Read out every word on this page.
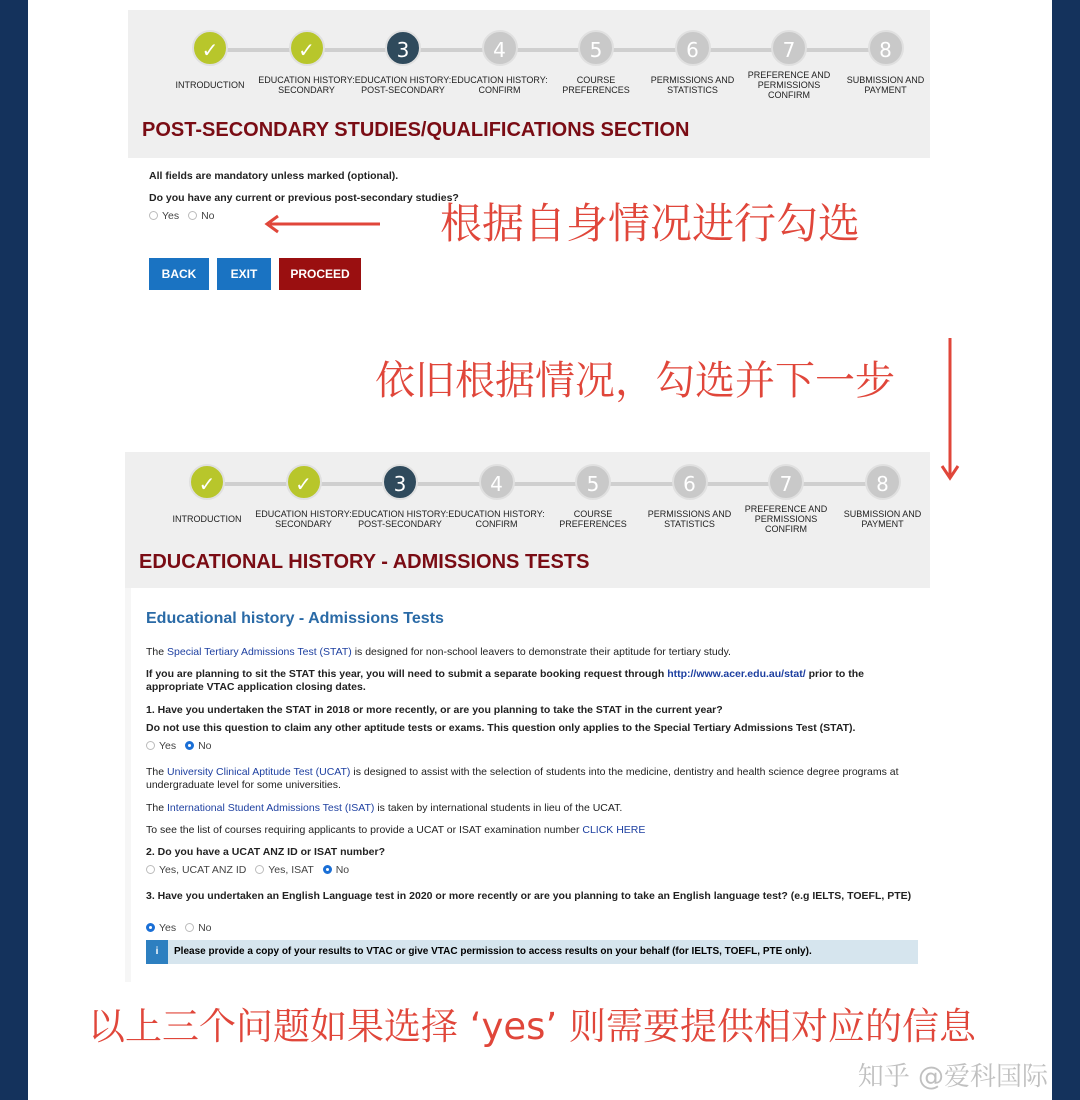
✓
INTRODUCTION
✓
EDUCATION HISTORY: SECONDARY
3
EDUCATION HISTORY: POST-SECONDARY
4
EDUCATION HISTORY: CONFIRM
5
COURSE PREFERENCES
6
PERMISSIONS AND STATISTICS
7
PREFERENCE AND PERMISSIONS CONFIRM
8
SUBMISSION AND PAYMENT
POST-SECONDARY STUDIES/QUALIFICATIONS SECTION
All fields are mandatory unless marked (optional).
Do you have any current or previous post-secondary studies?
Yes No
BACK	EXIT	PROCEED
✓
INTRODUCTION
✓
EDUCATION HISTORY: SECONDARY
3
EDUCATION HISTORY: POST-SECONDARY
4
EDUCATION HISTORY: CONFIRM
5
COURSE PREFERENCES
6
PERMISSIONS AND STATISTICS
7
PREFERENCE AND PERMISSIONS CONFIRM
8
SUBMISSION AND PAYMENT
EDUCATIONAL HISTORY - ADMISSIONS TESTS
Educational history - Admissions Tests
The Special Tertiary Admissions Test (STAT) is designed for non-school leavers to demonstrate their aptitude for tertiary study.
If you are planning to sit the STAT this year, you will need to submit a separate booking request through http://www.acer.edu.au/stat/ prior to the appropriate VTAC application closing dates.
1. Have you undertaken the STAT in 2018 or more recently, or are you planning to take the STAT in the current year?
Do not use this question to claim any other aptitude tests or exams. This question only applies to the Special Tertiary Admissions Test (STAT).
Yes No
The University Clinical Aptitude Test (UCAT) is designed to assist with the selection of students into the medicine, dentistry and health science degree programs at undergraduate level for some universities.
The International Student Admissions Test (ISAT) is taken by international students in lieu of the UCAT.
To see the list of courses requiring applicants to provide a UCAT or ISAT examination number CLICK HERE
2. Do you have a UCAT ANZ ID or ISAT number?
Yes, UCAT ANZ ID Yes, ISAT No
3. Have you undertaken an English Language test in 2020 or more recently or are you planning to take an English language test? (e.g IELTS, TOEFL, PTE)
Yes No
i	Please provide a copy of your results to VTAC or give VTAC permission to access results on your behalf (for IELTS, TOEFL, PTE only).
根据自身情况进行勾选
依旧根据情况，勾选并下一步
以上三个问题如果选择 ‘yes’ 则需要提供相对应的信息
知乎 @爱科国际
